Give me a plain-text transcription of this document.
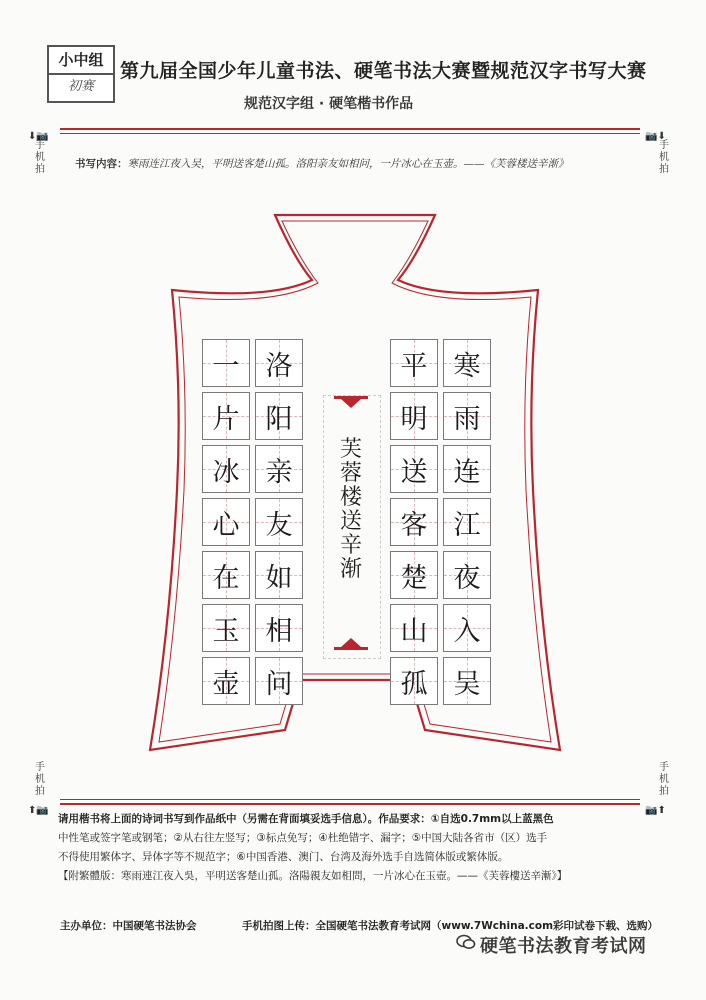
小中组
初赛
第九届全国少年儿童书法、硬笔书法大赛暨规范汉字书写大赛
规范汉字组 · 硬笔楷书作品
⬇📷
手机拍
📷⬇
手机拍
书写内容：寒雨连江夜入吴，平明送客楚山孤。洛阳亲友如相问，一片冰心在玉壶。——《芙蓉楼送辛渐》
一 洛
片 阳
冰 亲
心 友
在 如
玉 相
壶 问
平 寒
明 雨
送 连
客 江
楚 夜
山 入
孤 吴
芙
蓉
楼
送
辛
渐
手机拍
⬆📷
手机拍
📷⬆
请用楷书将上面的诗词书写到作品纸中（另需在背面填妥选手信息）。作品要求：①自选0.7mm以上蓝黑色
中性笔或签字笔或钢笔；②从右往左竖写；③标点免写；④杜绝错字、漏字；⑤中国大陆各省市（区）选手
不得使用繁体字、异体字等不规范字；⑥中国香港、澳门、台湾及海外选手自选简体版或繁体版。
【附繁體版：寒雨連江夜入吳，平明送客楚山孤。洛陽親友如相問，一片冰心在玉壺。——《芙蓉樓送辛漸》】
主办单位：中国硬笔书法协会	手机拍图上传：全国硬笔书法教育考试网（www.7Wchina.com彩印试卷下载、选购）
硬笔书法教育考试网
